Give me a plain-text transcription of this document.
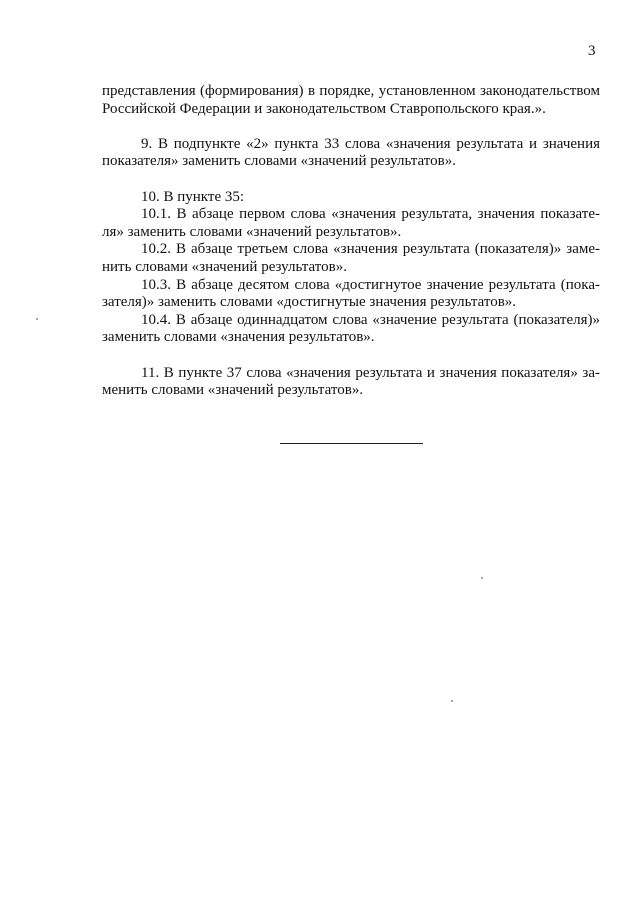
3
представления (формирования) в порядке, установленном законодательством
Российской Федерации и законодательством Ставропольского края.».
9. В подпункте «2» пункта 33 слова «значения результата и значения
показателя» заменить словами «значений результатов».
10. В пункте 35:
10.1. В абзаце первом слова «значения результата, значения показате-
ля» заменить словами «значений результатов».
10.2. В абзаце третьем слова «значения результата (показателя)» заме-
нить словами «значений результатов».
10.3. В абзаце десятом слова «достигнутое значение результата (пока-
зателя)» заменить словами «достигнутые значения результатов».
10.4. В абзаце одиннадцатом слова «значение результата (показателя)»
заменить словами «значения результатов».
11. В пункте 37 слова «значения результата и значения показателя» за-
менить словами «значений результатов».
